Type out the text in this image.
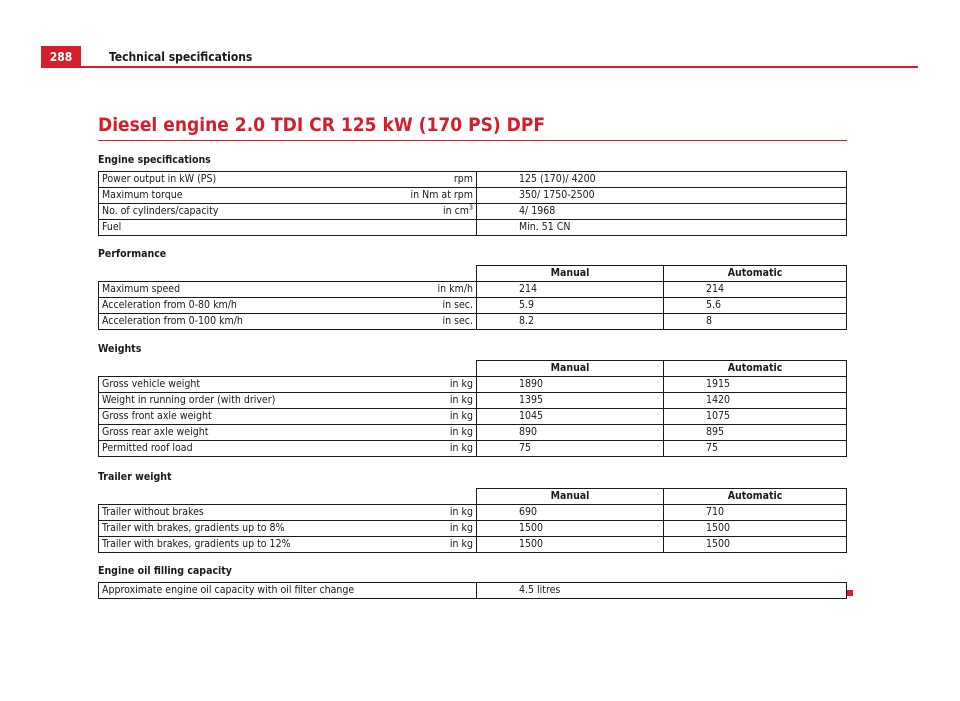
288	Technical specifications
Diesel engine 2.0 TDI CR 125 kW (170 PS) DPF
Engine specifications
Power output in kW (PS)	rpm	125 (170)/ 4200
Maximum torque	in Nm at rpm	350/ 1750-2500
No. of cylinders/capacity	in $cm^3$	4/ 1968
Fuel		Min. 51 CN
Performance
		Manual	Automatic
Maximum speed	in km/h	214	214
Acceleration from 0-80 km/h	in sec.	5.9	5.6
Acceleration from 0-100 km/h	in sec.	8.2	8
Weights
		Manual	Automatic
Gross vehicle weight	in kg	1890	1915
Weight in running order (with driver)	in kg	1395	1420
Gross front axle weight	in kg	1045	1075
Gross rear axle weight	in kg	890	895
Permitted roof load	in kg	75	75
Trailer weight
		Manual	Automatic
Trailer without brakes	in kg	690	710
Trailer with brakes, gradients up to 8%	in kg	1500	1500
Trailer with brakes, gradients up to 12%	in kg	1500	1500
Engine oil filling capacity
Approximate engine oil capacity with oil filter change		4.5 litres
